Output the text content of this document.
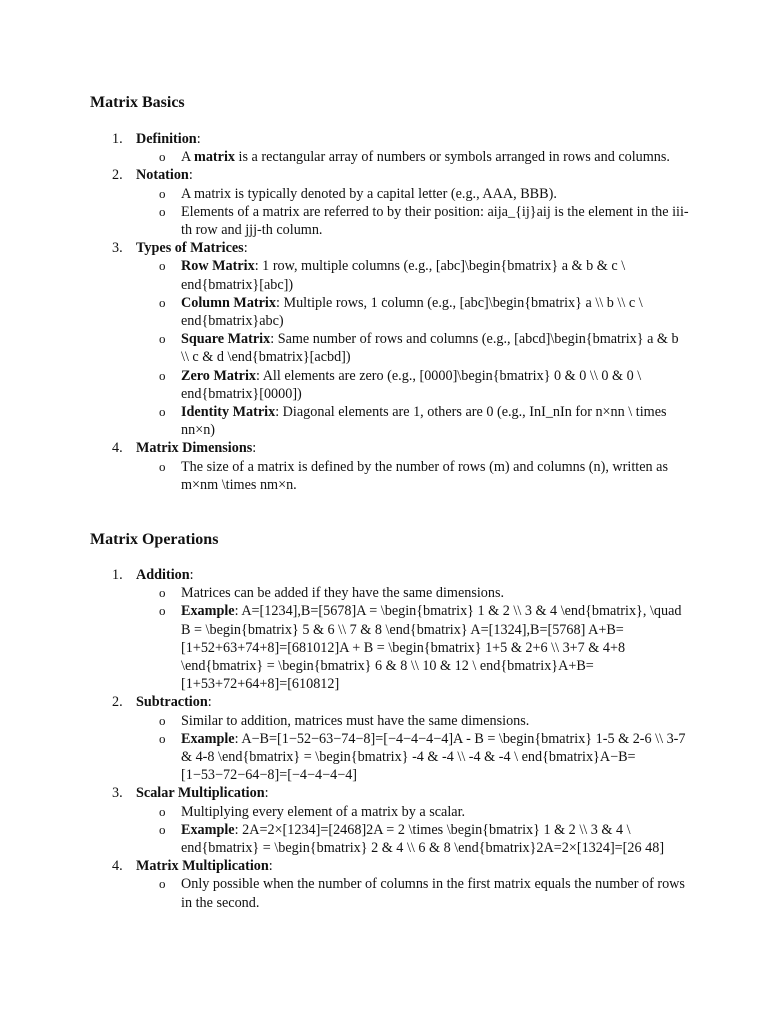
Matrix Basics
1. Definition:
o A matrix is a rectangular array of numbers or symbols arranged in rows and columns.
2. Notation:
o A matrix is typically denoted by a capital letter (e.g., AAA, BBB).
o Elements of a matrix are referred to by their position: aija_{ij}aij is the element in the iii-th row and jjj-th column.
3. Types of Matrices:
o Row Matrix: 1 row, multiple columns (e.g., [abc]\begin{bmatrix} a & b & c \ end{bmatrix}[abc])
o Column Matrix: Multiple rows, 1 column (e.g., [abc]\begin{bmatrix} a \\ b \\ c \ end{bmatrix}abc)
o Square Matrix: Same number of rows and columns (e.g., [abcd]\begin{bmatrix} a & b \\ c & d \end{bmatrix}[acbd])
o Zero Matrix: All elements are zero (e.g., [0000]\begin{bmatrix} 0 & 0 \\ 0 & 0 \ end{bmatrix}[0000])
o Identity Matrix: Diagonal elements are 1, others are 0 (e.g., InI_nIn for n×nn \ times nn×n)
4. Matrix Dimensions:
o The size of a matrix is defined by the number of rows (m) and columns (n), written as m×nm \times nm×n.
Matrix Operations
1. Addition:
o Matrices can be added if they have the same dimensions.
o Example: A=[1234],B=[5678]A = \begin{bmatrix} 1 & 2 \\ 3 & 4 \end{bmatrix}, \quad B = \begin{bmatrix} 5 & 6 \\ 7 & 8 \end{bmatrix} A=[1324],B=[5768] A+B=[1+52+63+74+8]=[681012]A + B = \begin{bmatrix} 1+5 & 2+6 \\ 3+7 & 4+8 \end{bmatrix} = \begin{bmatrix} 6 & 8 \\ 10 & 12 \ end{bmatrix}A+B=[1+53+72+64+8]=[610812]
2. Subtraction:
o Similar to addition, matrices must have the same dimensions.
o Example: A−B=[1−52−63−74−8]=[−4−4−4−4]A - B = \begin{bmatrix} 1-5 & 2-6 \\ 3-7 & 4-8 \end{bmatrix} = \begin{bmatrix} -4 & -4 \\ -4 & -4 \ end{bmatrix}A−B=[1−53−72−64−8]=[−4−4−4−4]
3. Scalar Multiplication:
o Multiplying every element of a matrix by a scalar.
o Example: 2A=2×[1234]=[2468]2A = 2 \times \begin{bmatrix} 1 & 2 \\ 3 & 4 \ end{bmatrix} = \begin{bmatrix} 2 & 4 \\ 6 & 8 \end{bmatrix}2A=2×[1324]=[26 48]
4. Matrix Multiplication:
o Only possible when the number of columns in the first matrix equals the number of rows in the second.
